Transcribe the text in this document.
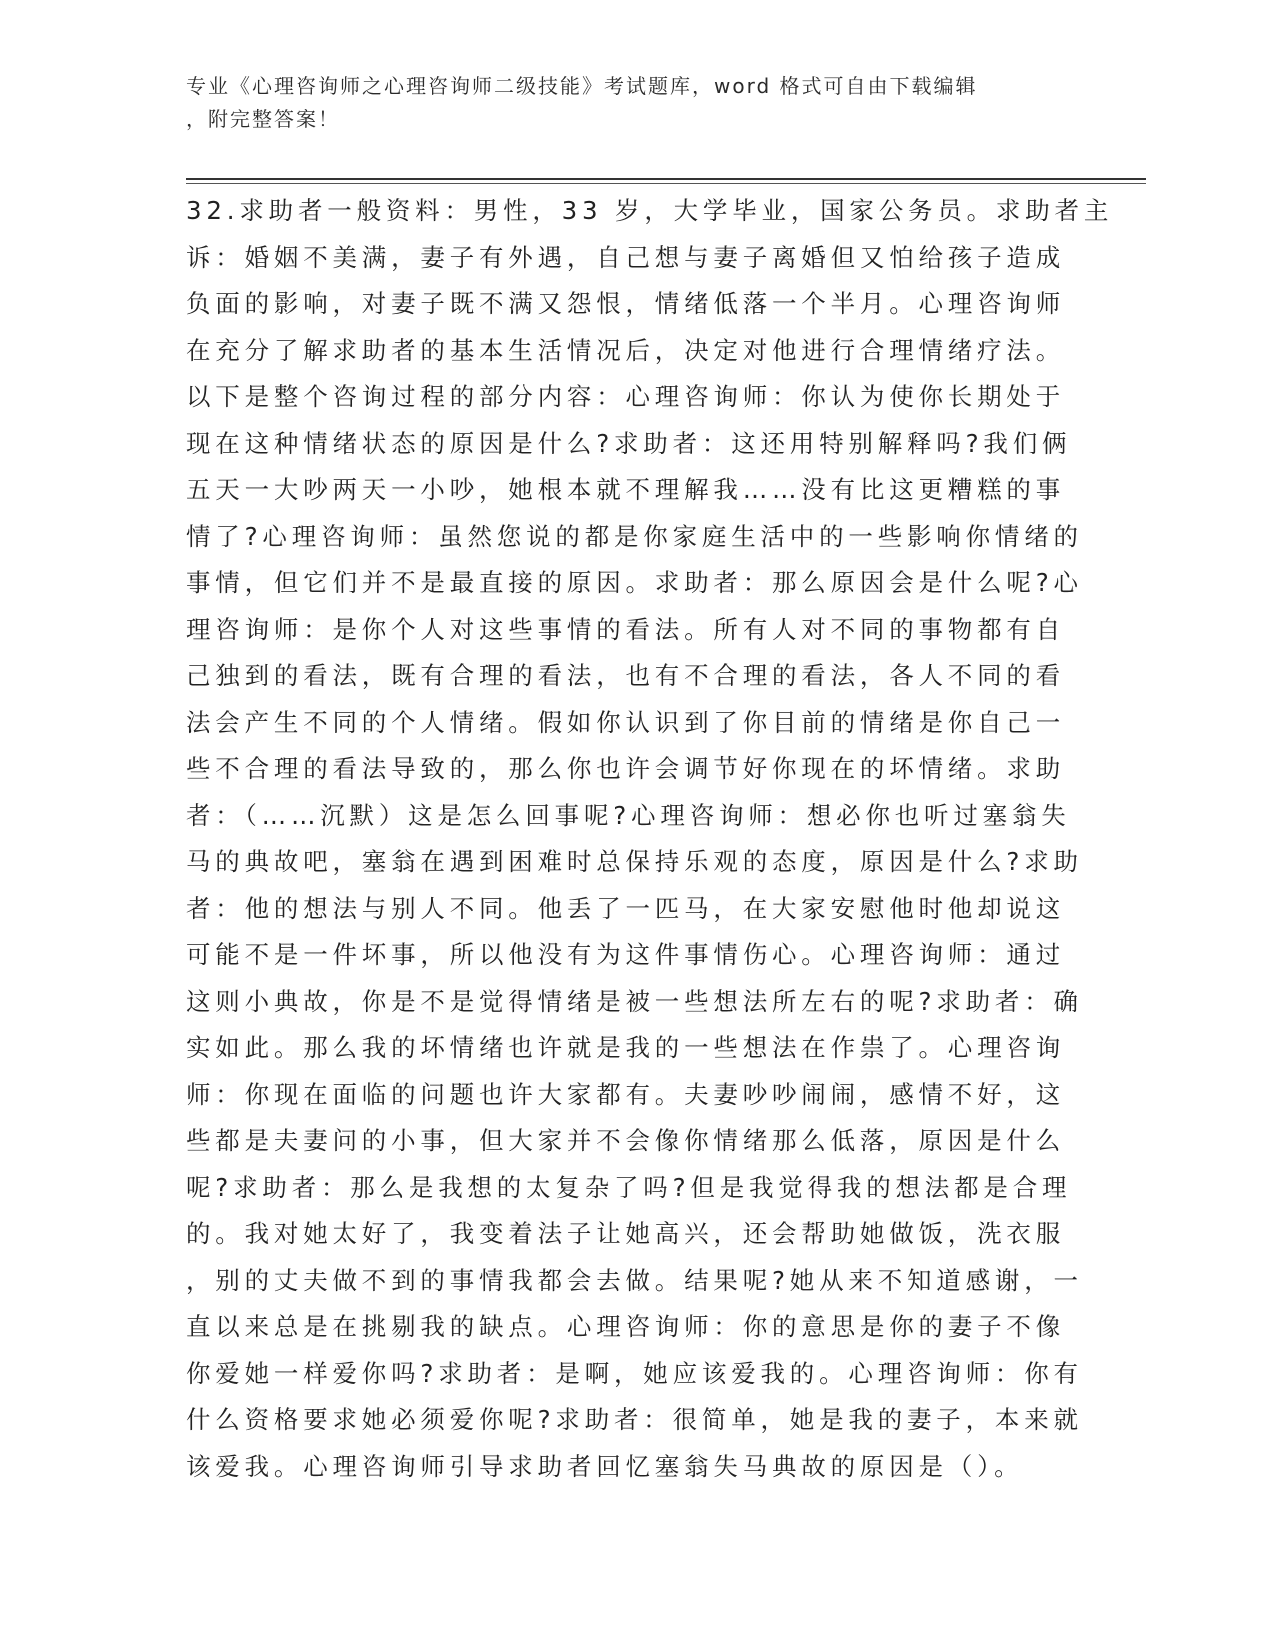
专业《心理咨询师之心理咨询师二级技能》考试题库，word 格式可自由下载编辑
，附完整答案！
32.求助者一般资料：男性，33 岁，大学毕业，国家公务员。求助者主
诉：婚姻不美满，妻子有外遇，自己想与妻子离婚但又怕给孩子造成
负面的影响，对妻子既不满又怨恨，情绪低落一个半月。心理咨询师
在充分了解求助者的基本生活情况后，决定对他进行合理情绪疗法。
以下是整个咨询过程的部分内容：心理咨询师：你认为使你长期处于
现在这种情绪状态的原因是什么?求助者：这还用特别解释吗?我们俩
五天一大吵两天一小吵，她根本就不理解我……没有比这更糟糕的事
情了?心理咨询师：虽然您说的都是你家庭生活中的一些影响你情绪的
事情，但它们并不是最直接的原因。求助者：那么原因会是什么呢?心
理咨询师：是你个人对这些事情的看法。所有人对不同的事物都有自
己独到的看法，既有合理的看法，也有不合理的看法，各人不同的看
法会产生不同的个人情绪。假如你认识到了你目前的情绪是你自己一
些不合理的看法导致的，那么你也许会调节好你现在的坏情绪。求助
者：（……沉默）这是怎么回事呢?心理咨询师：想必你也听过塞翁失
马的典故吧，塞翁在遇到困难时总保持乐观的态度，原因是什么?求助
者：他的想法与别人不同。他丢了一匹马，在大家安慰他时他却说这
可能不是一件坏事，所以他没有为这件事情伤心。心理咨询师：通过
这则小典故，你是不是觉得情绪是被一些想法所左右的呢?求助者：确
实如此。那么我的坏情绪也许就是我的一些想法在作祟了。心理咨询
师：你现在面临的问题也许大家都有。夫妻吵吵闹闹，感情不好，这
些都是夫妻问的小事，但大家并不会像你情绪那么低落，原因是什么
呢?求助者：那么是我想的太复杂了吗?但是我觉得我的想法都是合理
的。我对她太好了，我变着法子让她高兴，还会帮助她做饭，洗衣服
，别的丈夫做不到的事情我都会去做。结果呢?她从来不知道感谢，一
直以来总是在挑剔我的缺点。心理咨询师：你的意思是你的妻子不像
你爱她一样爱你吗?求助者：是啊，她应该爱我的。心理咨询师：你有
什么资格要求她必须爱你呢?求助者：很简单，她是我的妻子，本来就
该爱我。心理咨询师引导求助者回忆塞翁失马典故的原因是（）。
